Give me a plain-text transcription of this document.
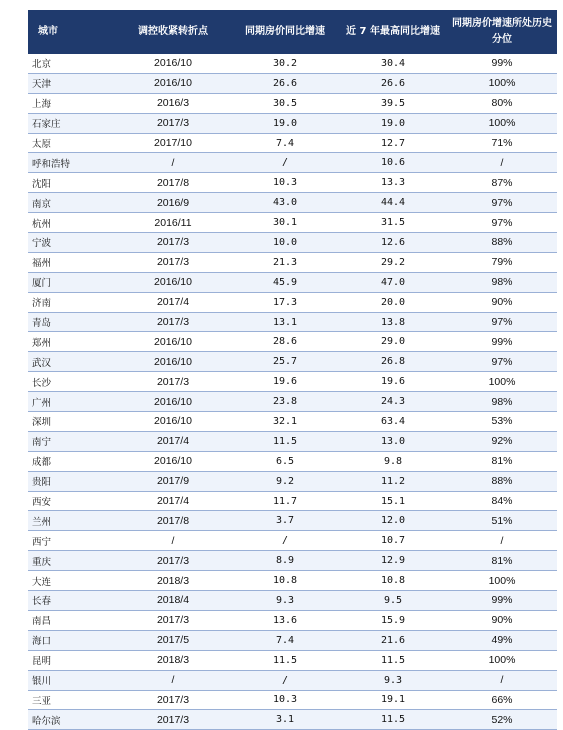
城市	调控收紧转折点	同期房价同比增速	近 7 年最高同比增速	同期房价增速所处历史分位
北京	2016/10	30.2	30.4	99%
天津	2016/10	26.6	26.6	100%
上海	2016/3	30.5	39.5	80%
石家庄	2017/3	19.0	19.0	100%
太原	2017/10	7.4	12.7	71%
呼和浩特	/	/	10.6	/
沈阳	2017/8	10.3	13.3	87%
南京	2016/9	43.0	44.4	97%
杭州	2016/11	30.1	31.5	97%
宁波	2017/3	10.0	12.6	88%
福州	2017/3	21.3	29.2	79%
厦门	2016/10	45.9	47.0	98%
济南	2017/4	17.3	20.0	90%
青岛	2017/3	13.1	13.8	97%
郑州	2016/10	28.6	29.0	99%
武汉	2016/10	25.7	26.8	97%
长沙	2017/3	19.6	19.6	100%
广州	2016/10	23.8	24.3	98%
深圳	2016/10	32.1	63.4	53%
南宁	2017/4	11.5	13.0	92%
成都	2016/10	6.5	9.8	81%
贵阳	2017/9	9.2	11.2	88%
西安	2017/4	11.7	15.1	84%
兰州	2017/8	3.7	12.0	51%
西宁	/	/	10.7	/
重庆	2017/3	8.9	12.9	81%
大连	2018/3	10.8	10.8	100%
长春	2018/4	9.3	9.5	99%
南昌	2017/3	13.6	15.9	90%
海口	2017/5	7.4	21.6	49%
昆明	2018/3	11.5	11.5	100%
银川	/	/	9.3	/
三亚	2017/3	10.3	19.1	66%
哈尔滨	2017/3	3.1	11.5	52%
